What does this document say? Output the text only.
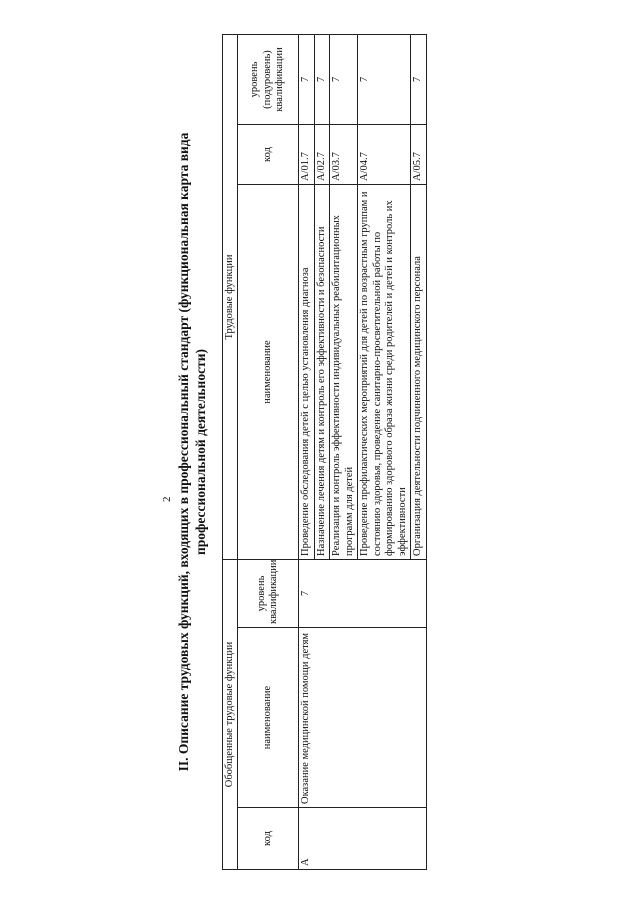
2 II. Описание трудовых функций, входящих в профессиональный стандарт (функциональная карта вида профессиональной деятельности)
Обобщенные трудовые функции			Трудовые функции		
код	наименование	уровень квалификации	наименование	код	уровень (подуровень) квалификации
A	Оказание медицинской помощи детям	7	Проведение обследования детей с целью установления диагноза	A/01.7	7
			Назначение лечения детям и контроль его эффективности и безопасности	A/02.7	7
			Реализация и контроль эффективности индивидуальных реабилитационных программ для детей	A/03.7	7
			Проведение профилактических мероприятий для детей по возрастным группам и состоянию здоровья, проведение санитарно-просветительной работы по формированию здорового образа жизни среди родителей и детей и контроль их эффективности	A/04.7	7
			Организация деятельности подчиненного медицинского персонала	A/05.7	7
